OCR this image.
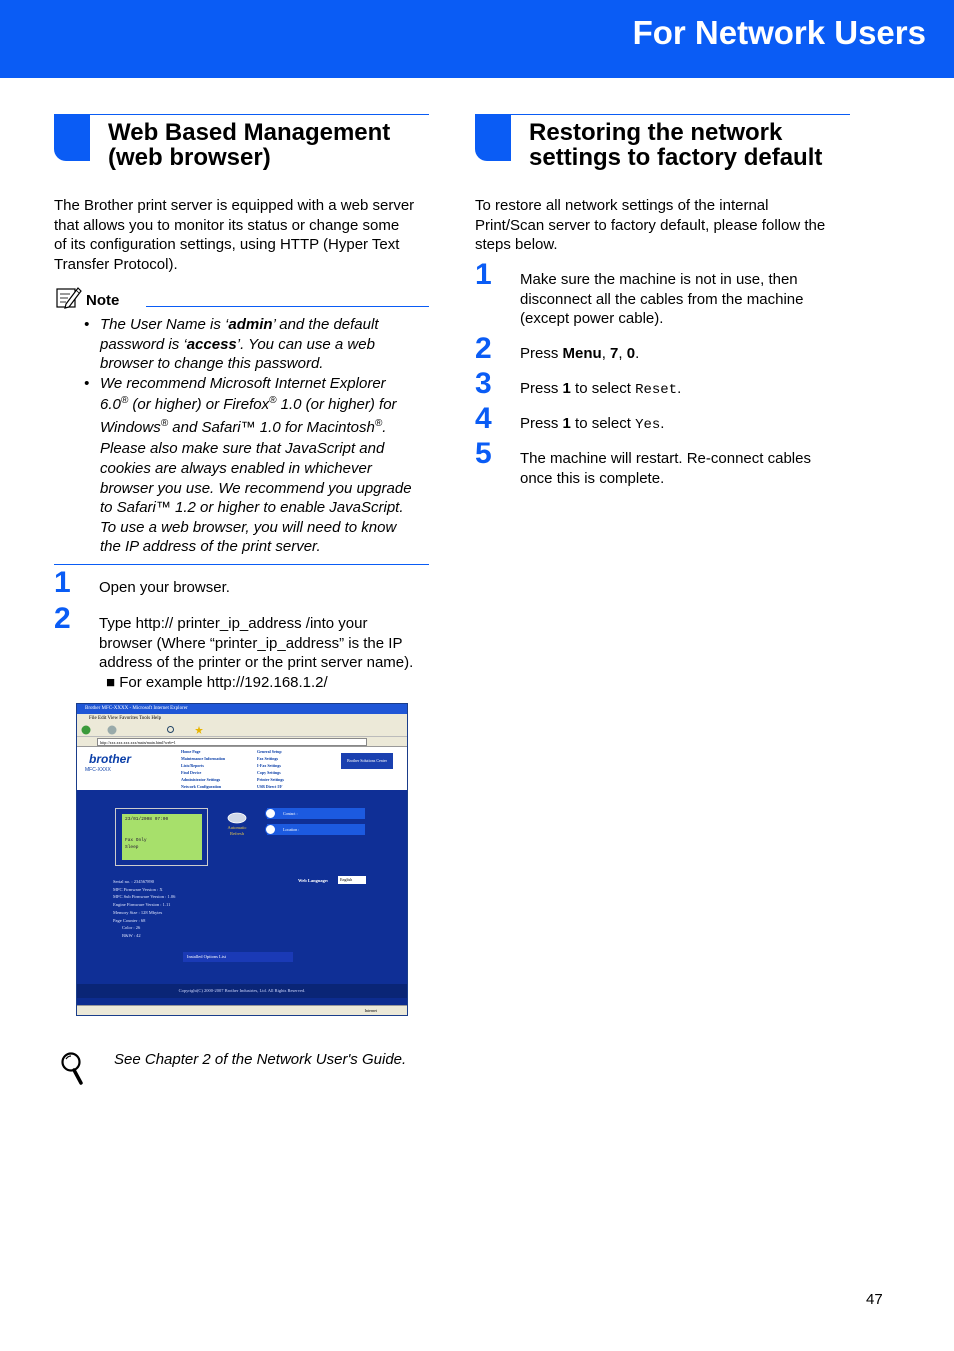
For Network Users
Web Based Management
(web browser)
The Brother print server is equipped with a web server
that allows you to monitor its status or change some
of its configuration settings, using HTTP (Hyper Text
Transfer Protocol).
Note
• The User Name is ‘admin’ and the default
password is ‘access’. You can use a web
browser to change this password.
• We recommend Microsoft Internet Explorer
6.0® (or higher) or Firefox® 1.0 (or higher) for
Windows® and Safari™ 1.0 for Macintosh®.
Please also make sure that JavaScript and
cookies are always enabled in whichever
browser you use. We recommend you upgrade
to Safari™ 1.2 or higher to enable JavaScript.
To use a web browser, you will need to know
the IP address of the print server.
1 Open your browser.
2 Type http:// printer_ip_address /into your
browser (Where “printer_ip_address” is the IP
address of the printer or the print server name).
■ For example http://192.168.1.2/
Brother MFC-XXXX - Microsoft Internet Explorer
File Edit View Favorites Tools Help
http://xxx.xxx.xxx.xxx/main/main.html?web=1
brother
MFC-XXXX
Home Page
Maintenance Information
Lists/Reports
Find Device
Administrator Settings
Network Configuration
General Setup
Fax Settings
I-Fax Settings
Copy Settings
Printer Settings
USB Direct I/F
Brother Solutions Center
23/01/2008 07:00
Fax Only
Sleep
Automatic
Refresh
Contact :
Location :
Serial no. : 234567890
MFC Firmware Version : X
MFC Sub Firmware Version : 1.06
Engine Firmware Version : 1.11
Memory Size : 128 Mbytes
Page Counter : 68
Color : 26
B&W : 42
Web Language:	English
Installed Options List
Copyright(C) 2000-2007 Brother Industries, Ltd. All Rights Reserved.
Internet
See Chapter 2 of the Network User's Guide.
Restoring the network
settings to factory default
To restore all network settings of the internal
Print/Scan server to factory default, please follow the
steps below.
1 Make sure the machine is not in use, then
disconnect all the cables from the machine
(except power cable).
2 Press Menu, 7, 0.
3 Press 1 to select Reset.
4 Press 1 to select Yes.
5 The machine will restart. Re-connect cables
once this is complete.
47
